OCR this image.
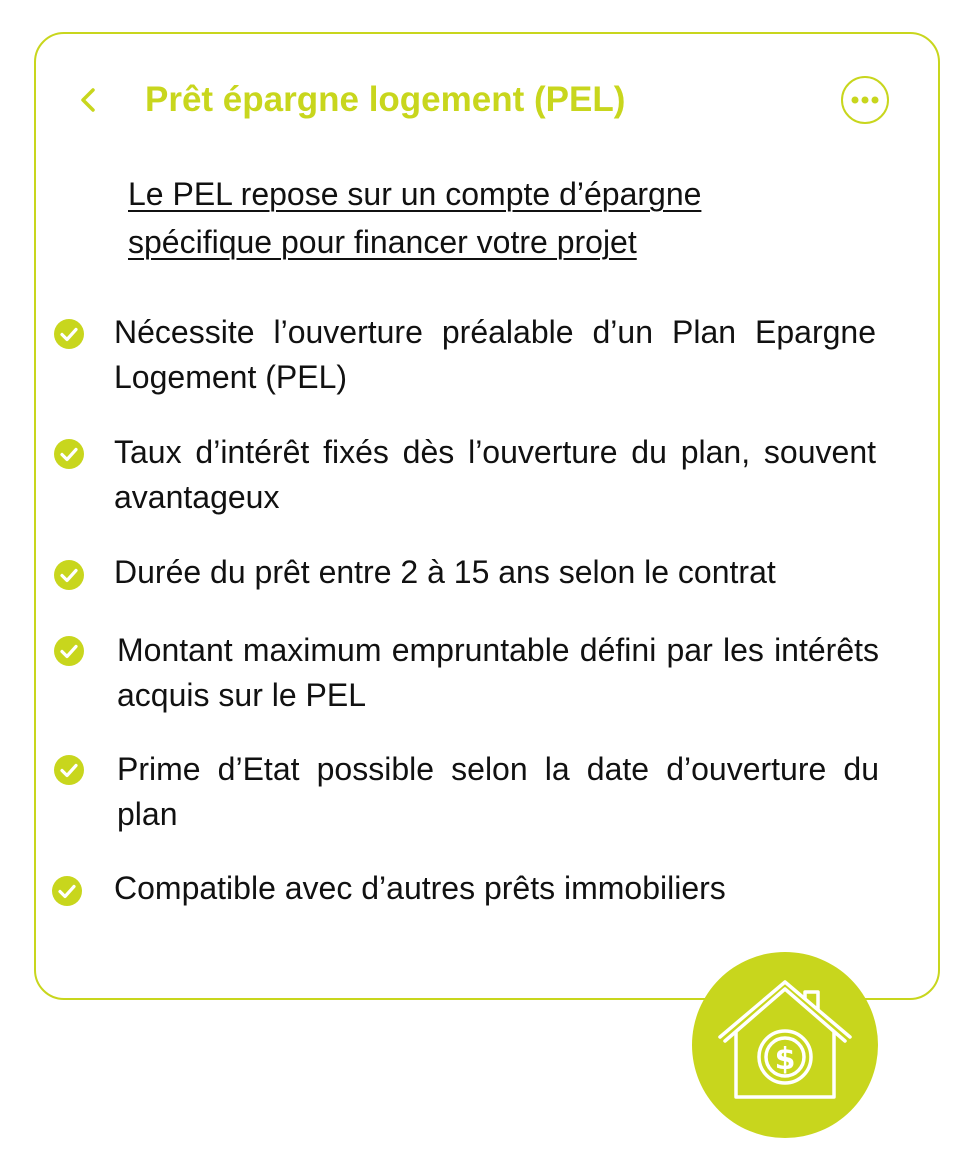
Prêt épargne logement (PEL)
Le PEL repose sur un compte d’épargne spécifique pour financer votre projet
Nécessite l’ouverture préalable d’un Plan Epargne Logement (PEL)
Taux d’intérêt fixés dès l’ouverture du plan, souvent avantageux
Durée du prêt entre 2 à 15 ans selon le contrat
Montant maximum empruntable défini par les intérêts acquis sur le PEL
Prime d’Etat possible selon la date d’ouverture du plan
Compatible avec d’autres prêts immobiliers
$
